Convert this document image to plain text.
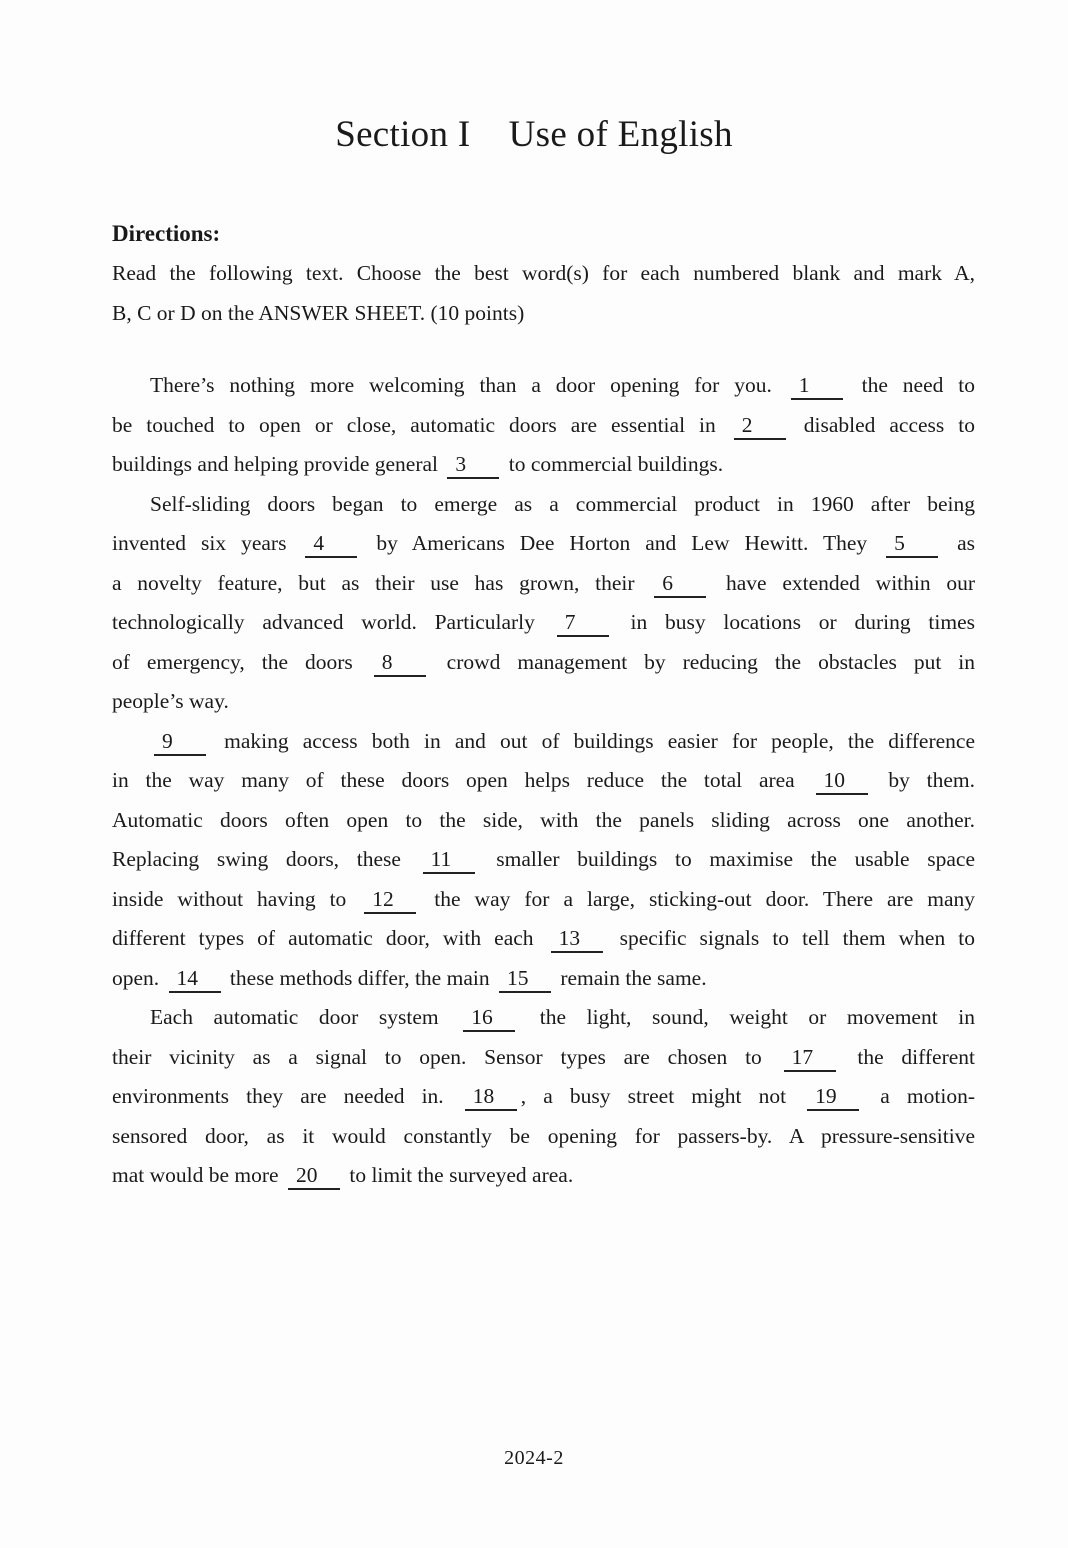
Section I    Use of English
Directions:
Read the following text. Choose the best word(s) for each numbered blank and mark A,
B, C or D on the ANSWER SHEET. (10 points)
There’s nothing more welcoming than a door opening for you. 1 the need to
be touched to open or close, automatic doors are essential in 2 disabled access to
buildings and helping provide general 3 to commercial buildings.
Self-sliding doors began to emerge as a commercial product in 1960 after being
invented six years 4 by Americans Dee Horton and Lew Hewitt. They 5 as
a novelty feature, but as their use has grown, their 6 have extended within our
technologically advanced world. Particularly 7 in busy locations or during times
of emergency, the doors 8 crowd management by reducing the obstacles put in
people’s way.
9 making access both in and out of buildings easier for people, the difference
in the way many of these doors open helps reduce the total area 10 by them.
Automatic doors often open to the side, with the panels sliding across one another.
Replacing swing doors, these 11 smaller buildings to maximise the usable space
inside without having to 12 the way for a large, sticking-out door. There are many
different types of automatic door, with each 13 specific signals to tell them when to
open. 14 these methods differ, the main 15 remain the same.
Each automatic door system 16 the light, sound, weight or movement in
their vicinity as a signal to open. Sensor types are chosen to 17 the different
environments they are needed in. 18 , a busy street might not 19 a motion-
sensored door, as it would constantly be opening for passers-by. A pressure-sensitive
mat would be more 20 to limit the surveyed area.
2024-2
